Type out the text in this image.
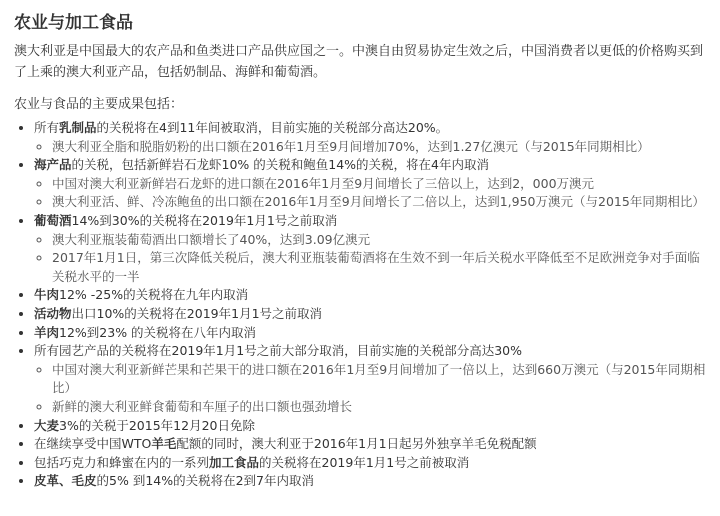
农业与加工食品

澳大利亚是中国最大的农产品和鱼类进口产品供应国之一。中澳自由贸易协定生效之后，中国消费者以更低的价格购买到了上乘的澳大利亚产品，包括奶制品、海鲜和葡萄酒。

农业与食品的主要成果包括：

• 所有乳制品的关税将在4到11年间被取消，目前实施的关税部分高达20%。
◦ 澳大利亚全脂和脱脂奶粉的出口额在2016年1月至9月间增加70%，达到1.27亿澳元（与2015年同期相比）
• 海产品的关税，包括新鲜岩石龙虾10% 的关税和鲍鱼14%的关税，将在4年内取消
◦ 中国对澳大利亚新鲜岩石龙虾的进口额在2016年1月至9月间增长了三倍以上，达到2，000万澳元
◦ 澳大利亚活、鲜、冷冻鲍鱼的出口额在2016年1月至9月间增长了二倍以上，达到1,950万澳元（与2015年同期相比）
• 葡萄酒14%到30%的关税将在2019年1月1号之前取消
◦ 澳大利亚瓶装葡萄酒出口额增长了40%，达到3.09亿澳元
◦ 2017年1月1日，第三次降低关税后，澳大利亚瓶装葡萄酒将在生效不到一年后关税水平降低至不足欧洲竞争对手面临关税水平的一半
• 牛肉12% -25%的关税将在九年内取消
• 活动物出口10%的关税将在2019年1月1号之前取消
• 羊肉12%到23% 的关税将在八年内取消
• 所有园艺产品的关税将在2019年1月1号之前大部分取消，目前实施的关税部分高达30%
◦ 中国对澳大利亚新鲜芒果和芒果干的进口额在2016年1月至9月间增加了一倍以上，达到660万澳元（与2015年同期相比）
◦ 新鲜的澳大利亚鲜食葡萄和车厘子的出口额也强劲增长
• 大麦3%的关税于2015年12月20日免除
• 在继续享受中国WTO羊毛配额的同时，澳大利亚于2016年1月1日起另外独享羊毛免税配额
• 包括巧克力和蜂蜜在内的一系列加工食品的关税将在2019年1月1号之前被取消
• 皮革、毛皮的5% 到14%的关税将在2到7年内取消
